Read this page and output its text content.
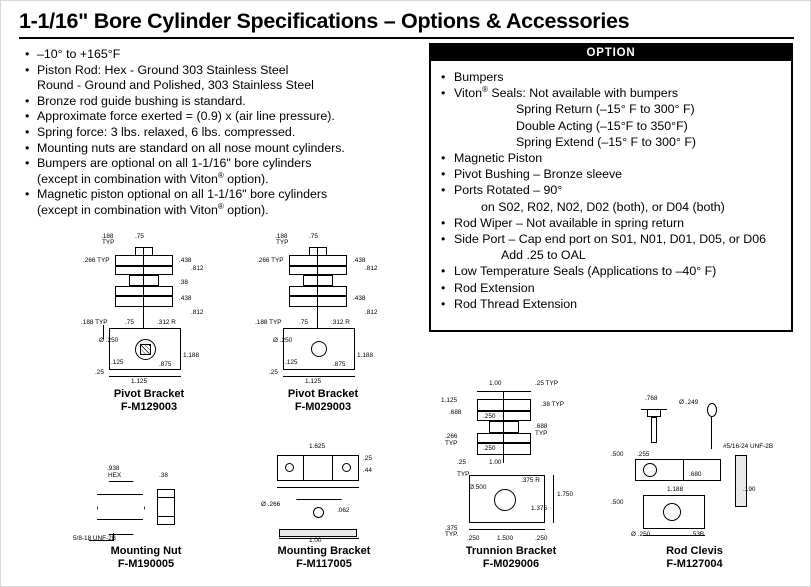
1-1/16" Bore Cylinder Specifications – Options & Accessories
• –10° to +165°F
• Piston Rod: Hex - Ground 303 Stainless Steel
Round - Ground and Polished, 303 Stainless Steel
• Bronze rod guide bushing is standard.
• Approximate force exerted = (0.9) x (air line pressure).
• Spring force: 3 lbs. relaxed, 6 lbs. compressed.
• Mounting nuts are standard on all nose mount cylinders.
• Bumpers are optional on all 1-1/16" bore cylinders
(except in combination with Viton® option).
• Magnetic piston optional on all 1-1/16" bore cylinders
(except in combination with Viton® option).
OPTION
• Bumpers
• Viton® Seals: Not available with bumpers
Spring Return (–15° F to 300° F)
Double Acting (–15°F to 350°F)
Spring Extend (–15° F to 300° F)
• Magnetic Piston
• Pivot Bushing – Bronze sleeve
• Ports Rotated – 90°
on S02, R02, N02, D02 (both), or D04 (both)
• Rod Wiper – Not available in spring return
• Side Port – Cap end port on S01, N01, D01, D05, or D06
Add .25 to OAL
• Low Temperature Seals (Applications to –40° F)
• Rod Extension
• Rod Thread Extension
.188
TYP
.75
.266 TYP	.438
.812
.38
.438
.812
.188 TYP	.75	.312 R
Ø .250
.125	.875
1.188
.25
1.125
Pivot Bracket
F-M129003
.188
TYP
.75
.266 TYP	.438
.812
.438
.812
.188 TYP	.75	.312 R
Ø .250
.125	.875
1.188
.25
1.125
Pivot Bracket
F-M029003
.938
HEX	.38
5/8-18 UNF-2B
Mounting Nut
F-M190005
1.625
.25
.44
Ø .266
.062
1.00
Mounting Bracket
F-M117005
1.00	.25 TYP
1.125
.688
.38 TYP
.250
.266
TYP
.688
TYP
.250
.25	1.00
TYP.
Ø.500
.375 R
1.750
1.375
.375
TYP.
.250	1.500	.250
Trunnion Bracket
F-M029006
.768
Ø .249
#5/16-24 UNF-2B
.500 .255
.680
1.188	.190
.500
Ø .250	.53B
Rod Clevis
F-M127004
